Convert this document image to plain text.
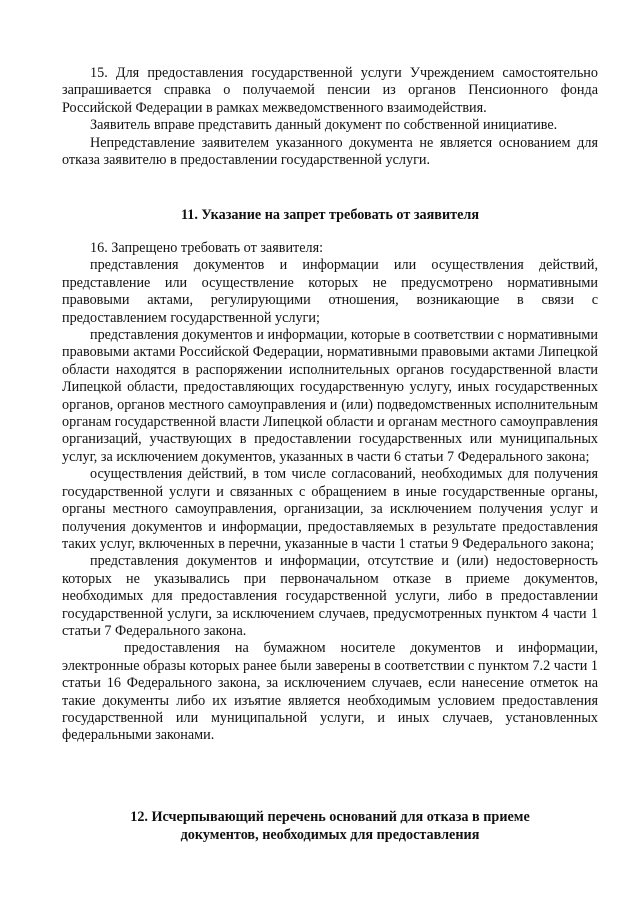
15. Для предоставления государственной услуги Учреждением самостоятельно запрашивается справка о получаемой пенсии из органов Пенсионного фонда Российской Федерации в рамках межведомственного взаимодействия.

Заявитель вправе представить данный документ по собственной инициативе.

Непредставление заявителем указанного документа не является основанием для отказа заявителю в предоставлении государственной услуги.

11. Указание на запрет требовать от заявителя

16. Запрещено требовать от заявителя:

представления документов и информации или осуществления действий, представление или осуществление которых не предусмотрено нормативными правовыми актами, регулирующими отношения, возникающие в связи с предоставлением государственной услуги;

представления документов и информации, которые в соответствии с нормативными правовыми актами Российской Федерации, нормативными правовыми актами Липецкой области находятся в распоряжении исполнительных органов государственной власти Липецкой области, предоставляющих государственную услугу, иных государственных органов, органов местного самоуправления и (или) подведомственных исполнительным органам государственной власти Липецкой области и органам местного самоуправления организаций, участвующих в предоставлении государственных или муниципальных услуг, за исключением документов, указанных в части 6 статьи 7 Федерального закона;

осуществления действий, в том числе согласований, необходимых для получения государственной услуги и связанных с обращением в иные государственные органы, органы местного самоуправления, организации, за исключением получения услуг и получения документов и информации, предоставляемых в результате предоставления таких услуг, включенных в перечни, указанные в части 1 статьи 9 Федерального закона;

представления документов и информации, отсутствие и (или) недостоверность которых не указывались при первоначальном отказе в приеме документов, необходимых для предоставления государственной услуги, либо в предоставлении государственной услуги, за исключением случаев, предусмотренных пунктом 4 части 1 статьи 7 Федерального закона.

предоставления на бумажном носителе документов и информации, электронные образы которых ранее были заверены в соответствии с пунктом 7.2 части 1 статьи 16 Федерального закона, за исключением случаев, если нанесение отметок на такие документы либо их изъятие является необходимым условием предоставления государственной или муниципальной услуги, и иных случаев, установленных федеральными законами.

12. Исчерпывающий перечень оснований для отказа в приеме
документов, необходимых для предоставления
